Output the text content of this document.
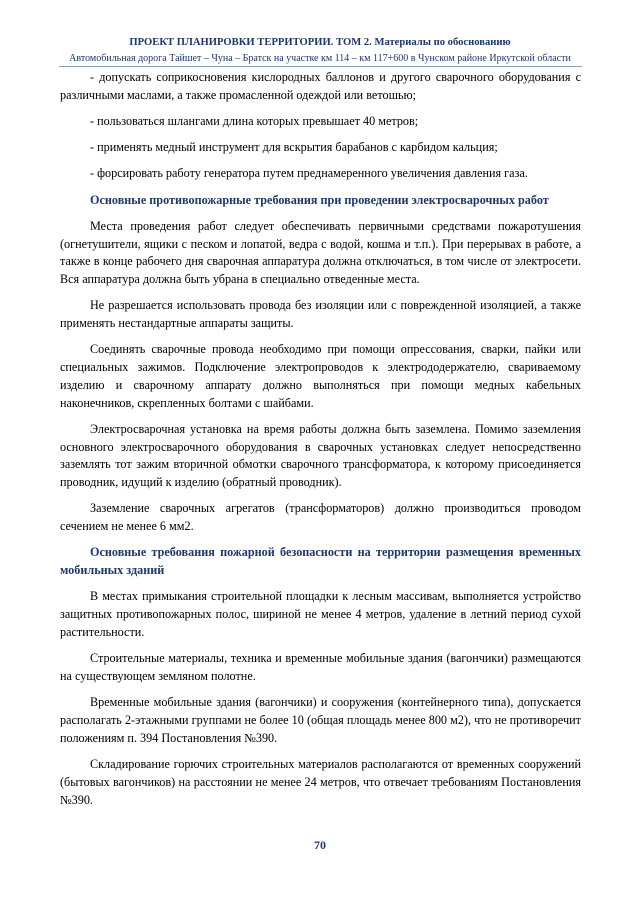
ПРОЕКТ ПЛАНИРОВКИ ТЕРРИТОРИИ. ТОМ 2. Материалы по обоснованию
Автомобильная дорога Тайшет – Чуна – Братск на участке км 114 – км 117+600 в Чунском районе Иркутской области

- допускать соприкосновения кислородных баллонов и другого сварочного оборудования с различными маслами, а также промасленной одеждой или ветошью;

- пользоваться шлангами длина которых превышает 40 метров;

- применять медный инструмент для вскрытия барабанов с карбидом кальция;

- форсировать работу генератора путем преднамеренного увеличения давления газа.

Основные противопожарные требования при проведении электросварочных работ

Места проведения работ следует обеспечивать первичными средствами пожаротушения (огнетушители, ящики с песком и лопатой, ведра с водой, кошма и т.п.). При перерывах в работе, а также в конце рабочего дня сварочная аппаратура должна отключаться, в том числе от электросети. Вся аппаратура должна быть убрана в специально отведенные места.

Не разрешается использовать провода без изоляции или с поврежденной изоляцией, а также применять нестандартные аппараты защиты.

Соединять сварочные провода необходимо при помощи опрессования, сварки, пайки или специальных зажимов. Подключение электропроводов к электрододержателю, свариваемому изделию и сварочному аппарату должно выполняться при помощи медных кабельных наконечников, скрепленных болтами с шайбами.

Электросварочная установка на время работы должна быть заземлена. Помимо заземления основного электросварочного оборудования в сварочных установках следует непосредственно заземлять тот зажим вторичной обмотки сварочного трансформатора, к которому присоединяется проводник, идущий к изделию (обратный проводник).

Заземление сварочных агрегатов (трансформаторов) должно производиться проводом сечением не менее 6 мм2.

Основные требования пожарной безопасности на территории размещения временных мобильных зданий

В местах примыкания строительной площадки к лесным массивам, выполняется устройство защитных противопожарных полос, шириной не менее 4 метров, удаление в летний период сухой растительности.

Строительные материалы, техника и временные мобильные здания (вагончики) размещаются на существующем земляном полотне.

Временные мобильные здания (вагончики) и сооружения (контейнерного типа), допускается располагать 2-этажными группами не более 10 (общая площадь менее 800 м2), что не противоречит положениям п. 394 Постановления №390.

Складирование горючих строительных материалов располагаются от временных сооружений (бытовых вагончиков) на расстоянии не менее 24 метров, что отвечает требованиям Постановления №390.

70
